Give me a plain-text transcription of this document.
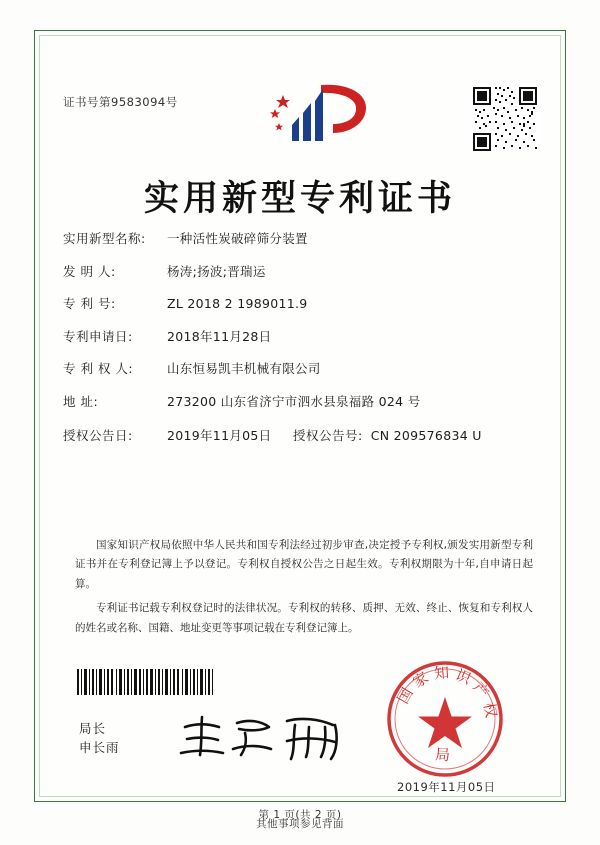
证书号第9583094号
实用新型专利证书
实用新型名称:	一种活性炭破碎筛分装置
发 明 人:	杨涛;扬波;晋瑞运
专 利 号:	ZL 2018 2 1989011.9
专利申请日:	2018年11月28日
专 利 权 人:	山东恒易凯丰机械有限公司
地 址:	273200 山东省济宁市泗水县泉福路 024 号
授权公告日:	2019年11月05日 授权公告号: CN 209576834 U

国家知识产权局依照中华人民共和国专利法经过初步审查,决定授予专利权,颁发实用新型专利证书并在专利登记簿上予以登记。专利权自授权公告之日起生效。专利权期限为十年,自申请日起算。

专利证书记载专利权登记时的法律状况。专利权的转移、质押、无效、终止、恢复和专利权人的姓名或名称、国籍、地址变更等事项记载在专利登记簿上。

局长
申长雨
国 家 知 识 产 权
局
2019年11月05日
第 1 页(共 2 页)
其他事项参见背面
